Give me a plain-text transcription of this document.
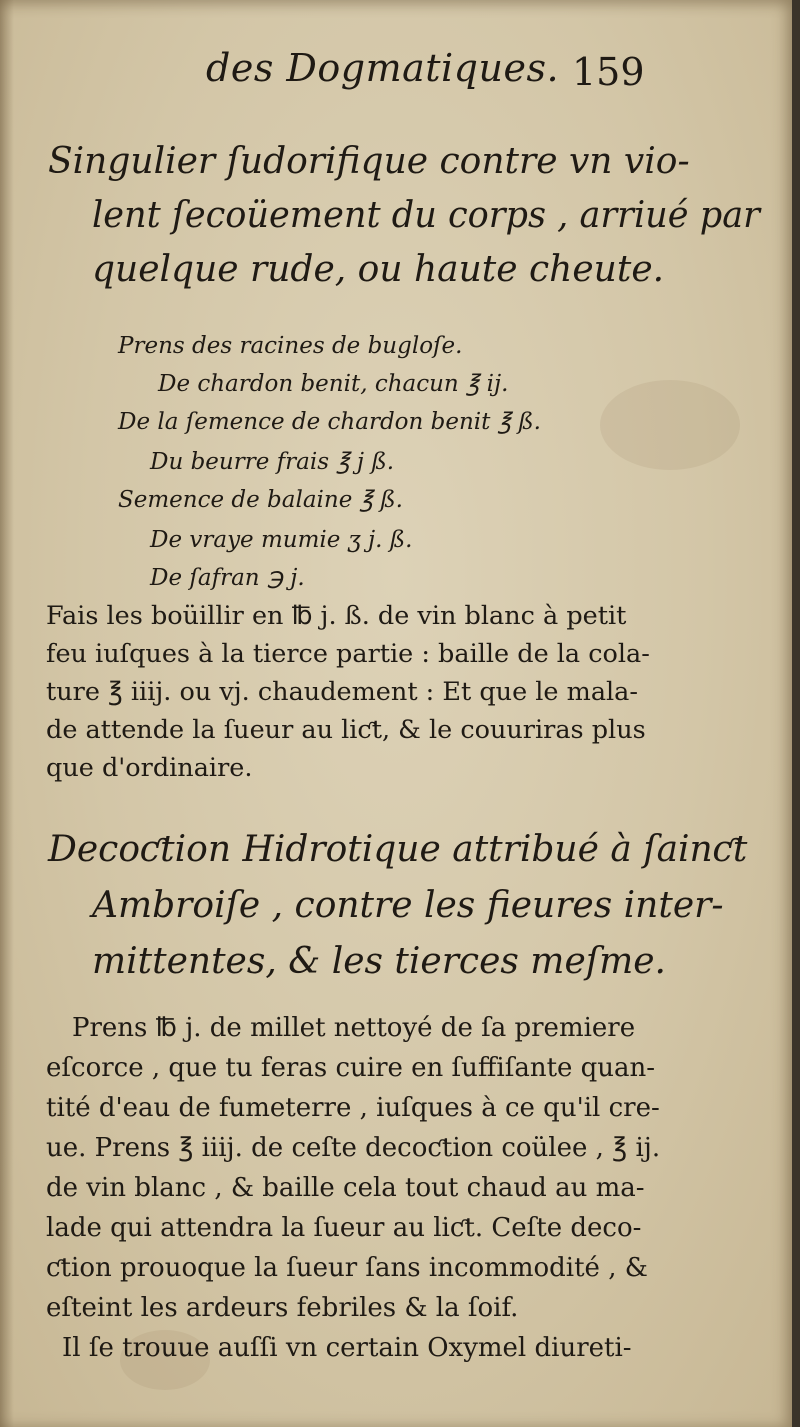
des Dogmatiques. 159
Singulier ſudorifique contre vn vio-
lent ſecoüement du corps , arriué par
quelque rude, ou haute cheute.
Prens des racines de bugloſe.
De chardon benit, chacun ℥ ij.
De la ſemence de chardon benit ℥ ß.
Du beurre frais ℥ j ß.
Semence de balaine ℥ ß.
De vraye mumie ʒ j. ß.
De ſafran ℈ j.
Fais les boüillir en ℔ j. ß. de vin blanc à petit
feu iuſques à la tierce partie : baille de la cola-
ture ℥ iiij. ou vj. chaudement : Et que le mala-
de attende la ſueur au liƈt, & le couuriras plus
que d'ordinaire.
Decoƈtion Hidrotique attribué à ſainƈt
Ambroiſe , contre les fieures inter-
mittentes, & les tierces meſme.
Prens ℔ j. de millet nettoyé de ſa premiere
eſcorce , que tu feras cuire en ſuffiſante quan-
tité d'eau de fumeterre , iuſques à ce qu'il cre-
ue. Prens ℥ iiij. de ceſte decoƈtion coülee , ℥ ij.
de vin blanc , & baille cela tout chaud au ma-
lade qui attendra la ſueur au liƈt. Ceſte deco-
ƈtion prouoque la ſueur ſans incommodité , &
eſteint les ardeurs febriles & la ſoif.
Il ſe trouue auſſi vn certain Oxymel diureti-
